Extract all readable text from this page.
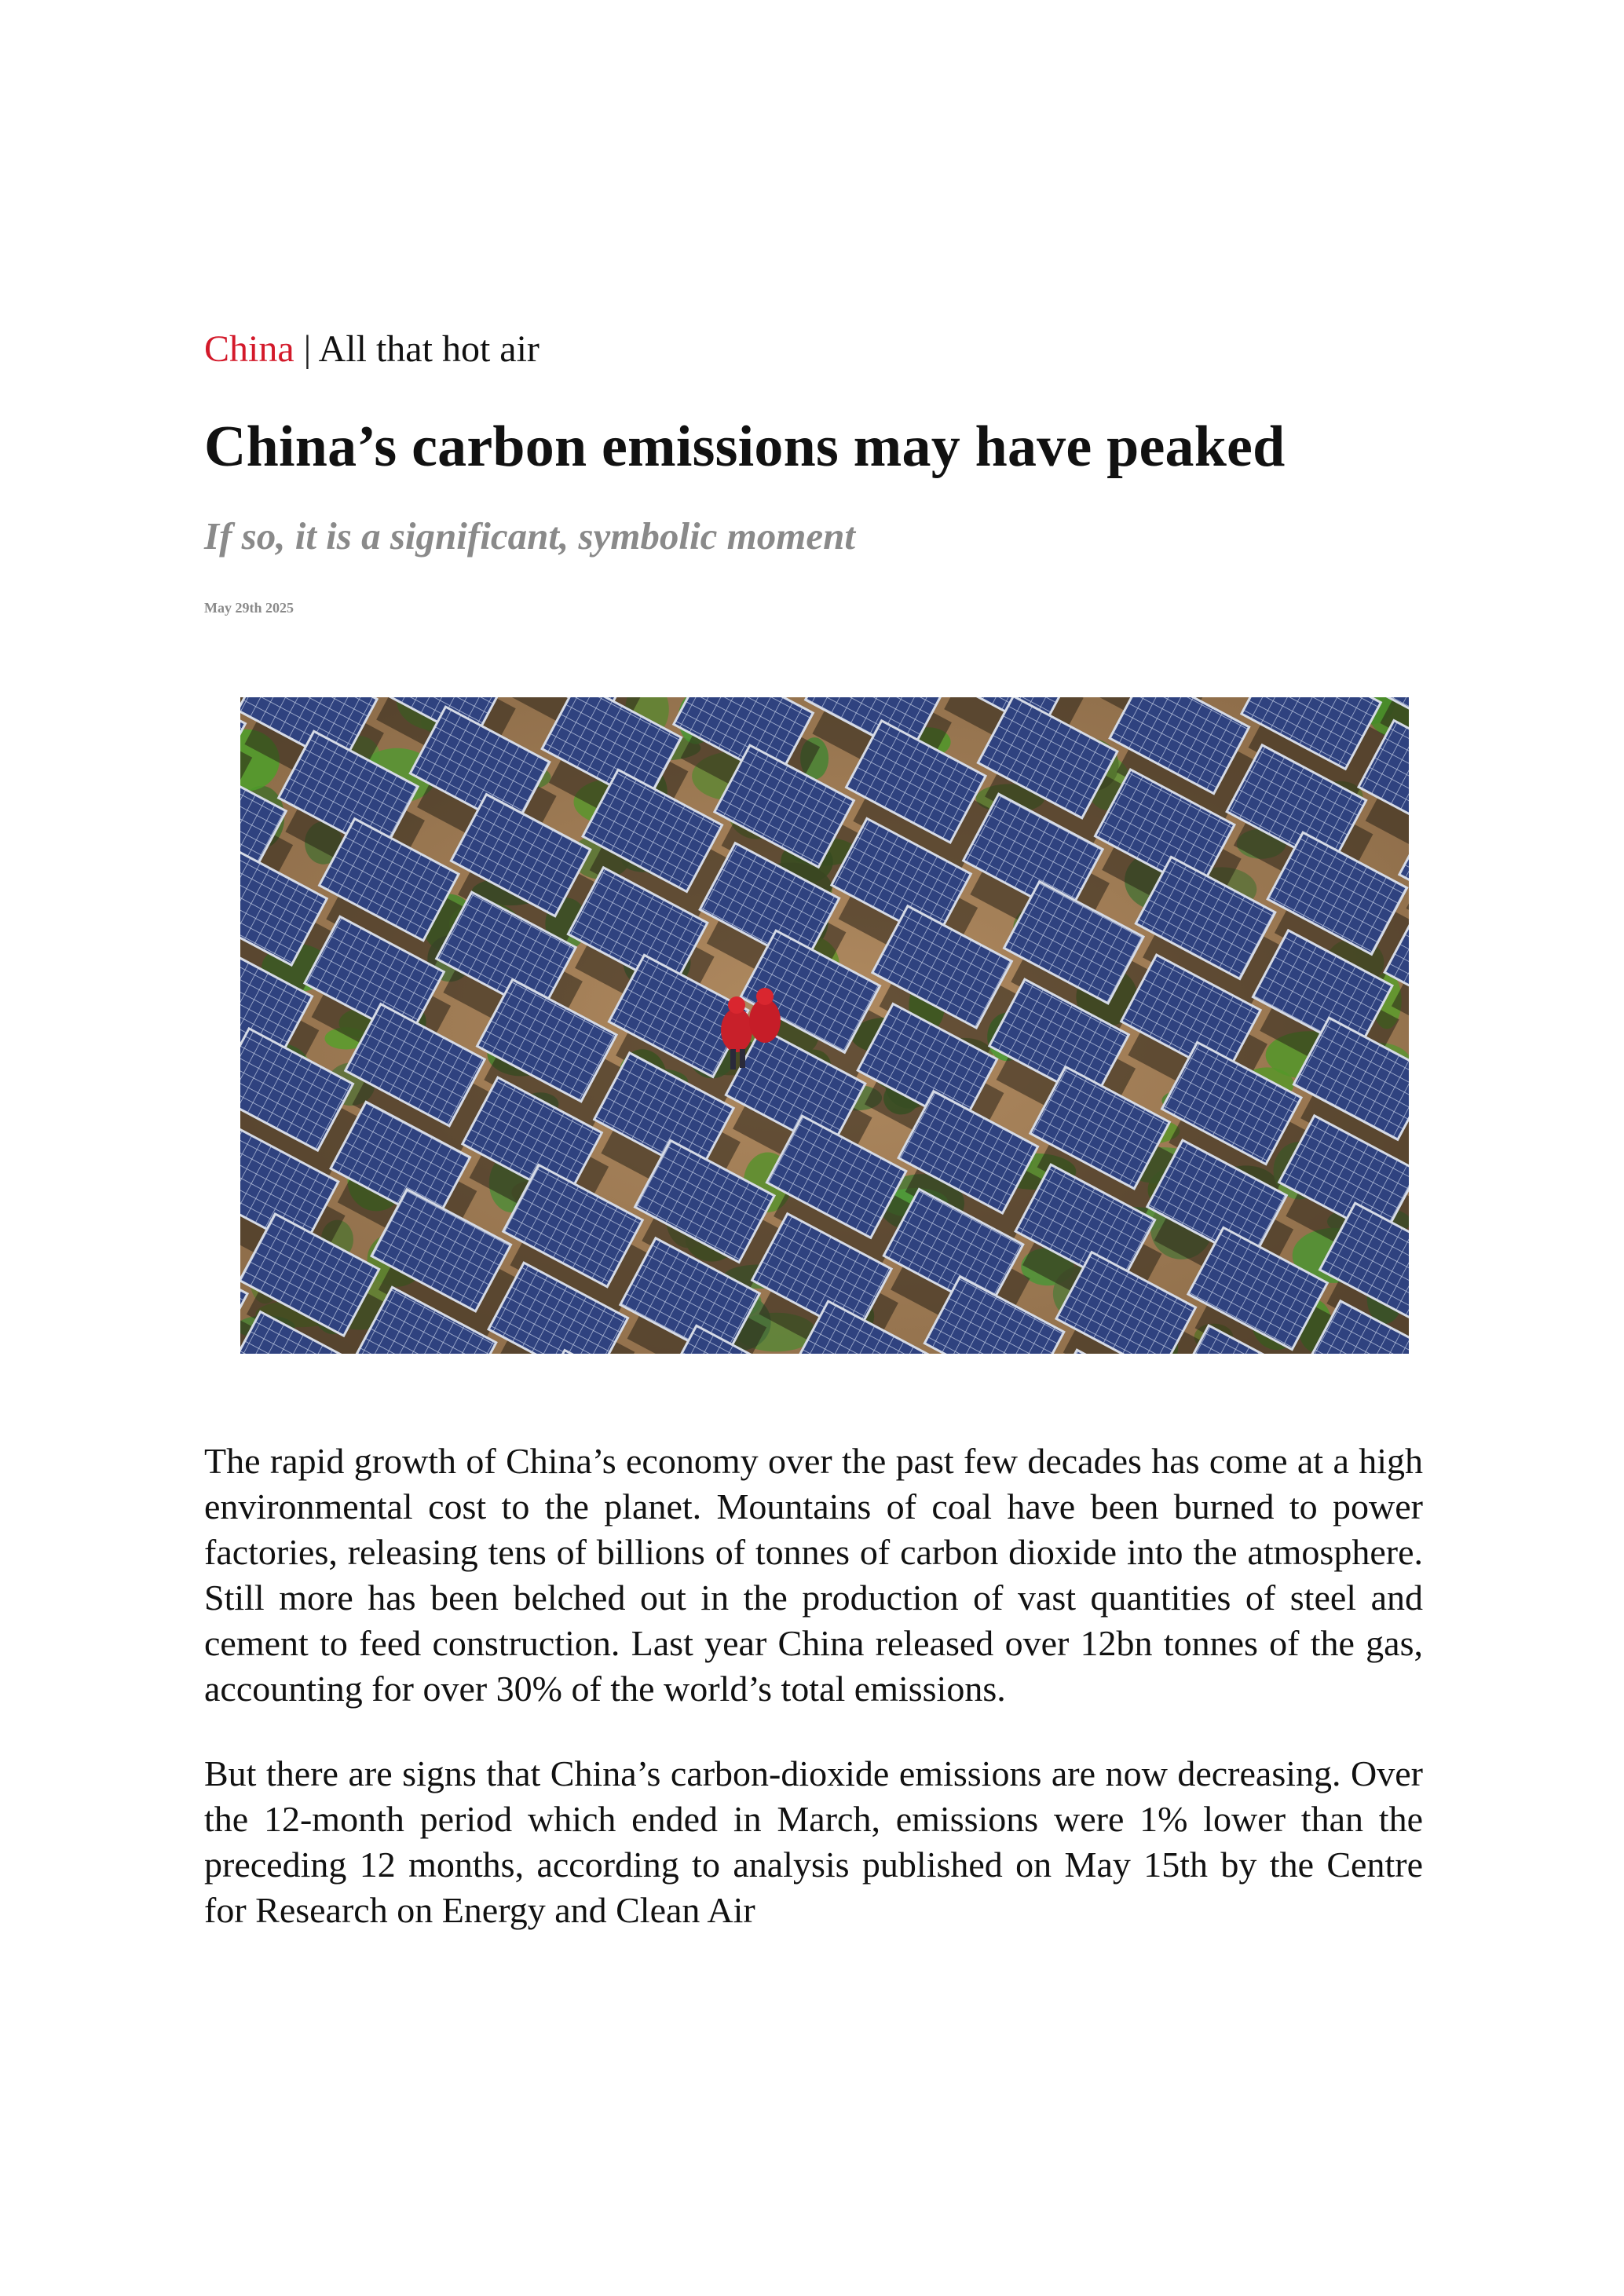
China | All that hot air
China’s carbon emissions may have peaked
If so, it is a significant, symbolic moment
May 29th 2025

The rapid growth of China’s economy over the past few decades has come at a high environmental cost to the planet. Mountains of coal have been burned to power factories, releasing tens of billions of tonnes of carbon dioxide into the atmosphere. Still more has been belched out in the production of vast quantities of steel and cement to feed construction. Last year China released over 12bn tonnes of the gas, accounting for over 30% of the world’s total emissions.

But there are signs that China’s carbon-dioxide emissions are now decreasing. Over the 12-month period which ended in March, emissions were 1% lower than the preceding 12 months, according to analysis published on May 15th by the Centre for Research on Energy and Clean Air
